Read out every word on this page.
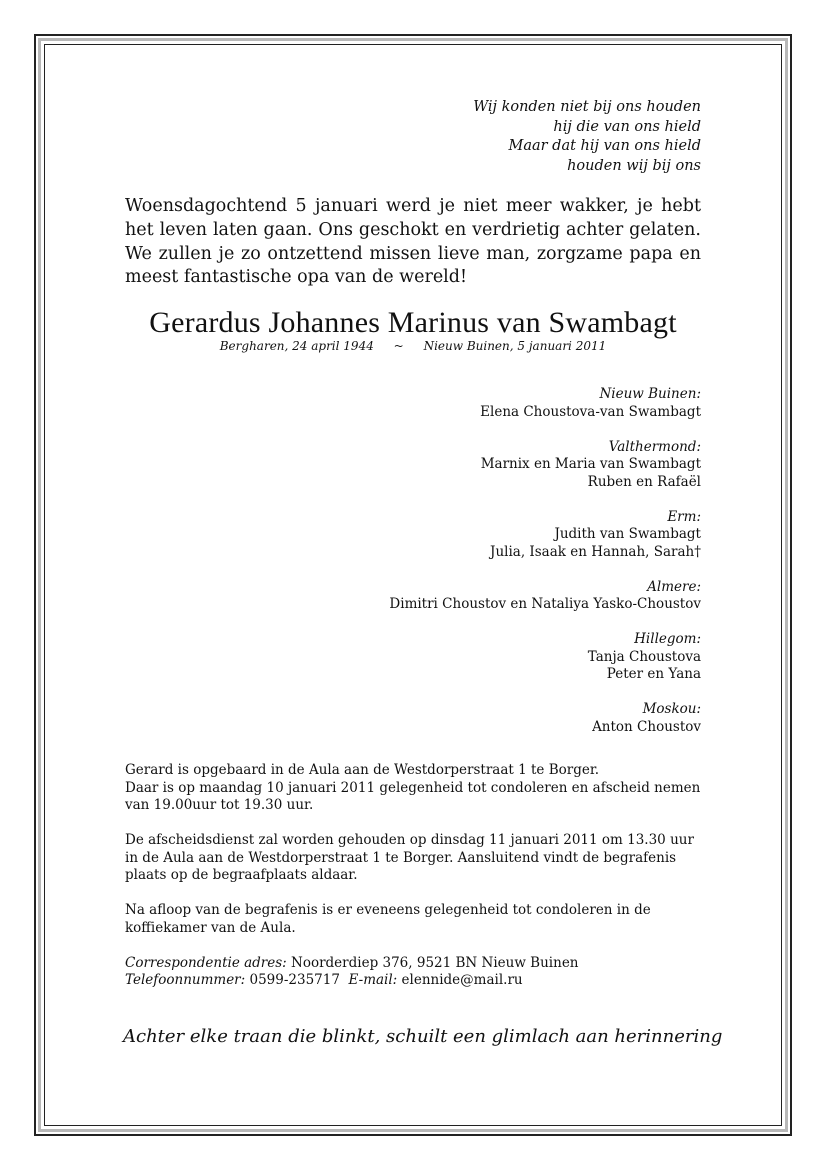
Wij konden niet bij ons houden
hij die van ons hield
Maar dat hij van ons hield
houden wij bij ons
Woensdagochtend 5 januari werd je niet meer wakker, je hebt het leven laten gaan. Ons geschokt en verdrietig achter gelaten. We zullen je zo ontzettend missen lieve man, zorgzame papa en meest fantastische opa van de wereld!
Gerardus Johannes Marinus van Swambagt
Bergharen, 24 april 1944 ~ Nieuw Buinen, 5 januari 2011
Nieuw Buinen:
Elena Choustova-van Swambagt
Valthermond:
Marnix en Maria van Swambagt
Ruben en Rafaël
Erm:
Judith van Swambagt
Julia, Isaak en Hannah, Sarah†
Almere:
Dimitri Choustov en Nataliya Yasko-Choustov
Hillegom:
Tanja Choustova
Peter en Yana
Moskou:
Anton Choustov

Gerard is opgebaard in de Aula aan de Westdorperstraat 1 te Borger.
Daar is op maandag 10 januari 2011 gelegenheid tot condoleren en afscheid nemen van 19.00uur tot 19.30 uur.

De afscheidsdienst zal worden gehouden op dinsdag 11 januari 2011 om 13.30 uur in de Aula aan de Westdorperstraat 1 te Borger. Aansluitend vindt de begrafenis plaats op de begraafplaats aldaar.

Na afloop van de begrafenis is er eveneens gelegenheid tot condoleren in de koffiekamer van de Aula.

Correspondentie adres: Noorderdiep 376, 9521 BN Nieuw Buinen
Telefoonnummer: 0599-235717 E-mail: elennide@mail.ru

Achter elke traan die blinkt, schuilt een glimlach aan herinnering
